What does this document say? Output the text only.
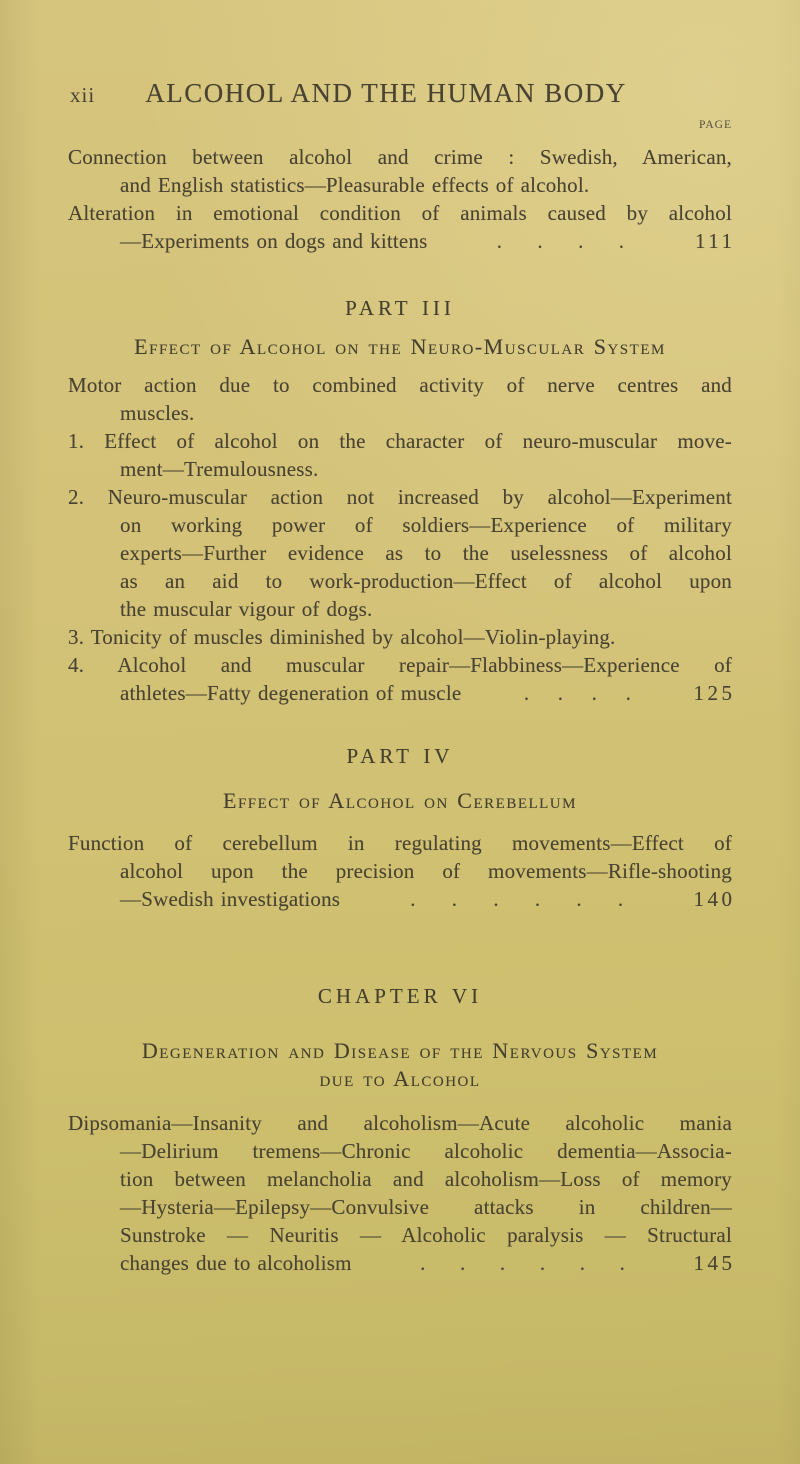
xii	ALCOHOL AND THE HUMAN BODY
PAGE
Connection between alcohol and crime : Swedish, American,
and English statistics—Pleasurable effects of alcohol.
Alteration in emotional condition of animals caused by alcohol
—Experiments on dogs and kittens	. . . .	111
PART III
Effect of Alcohol on the Neuro-Muscular System
Motor action due to combined activity of nerve centres and
muscles.
1. Effect of alcohol on the character of neuro-muscular move-
ment—Tremulousness.
2. Neuro-muscular action not increased by alcohol—Experiment
on working power of soldiers—Experience of military
experts—Further evidence as to the uselessness of alcohol
as an aid to work-production—Effect of alcohol upon
the muscular vigour of dogs.
3. Tonicity of muscles diminished by alcohol—Violin-playing.
4. Alcohol and muscular repair—Flabbiness—Experience of
athletes—Fatty degeneration of muscle	. . . .	125
PART IV
Effect of Alcohol on Cerebellum
Function of cerebellum in regulating movements—Effect of
alcohol upon the precision of movements—Rifle-shooting
—Swedish investigations	. . . . . .	140
CHAPTER VI
Degeneration and Disease of the Nervous System
due to Alcohol
Dipsomania—Insanity and alcoholism—Acute alcoholic mania
—Delirium tremens—Chronic alcoholic dementia—Associa-
tion between melancholia and alcoholism—Loss of memory
—Hysteria—Epilepsy—Convulsive attacks in children—
Sunstroke — Neuritis — Alcoholic paralysis — Structural
changes due to alcoholism	. . . . . .	145
